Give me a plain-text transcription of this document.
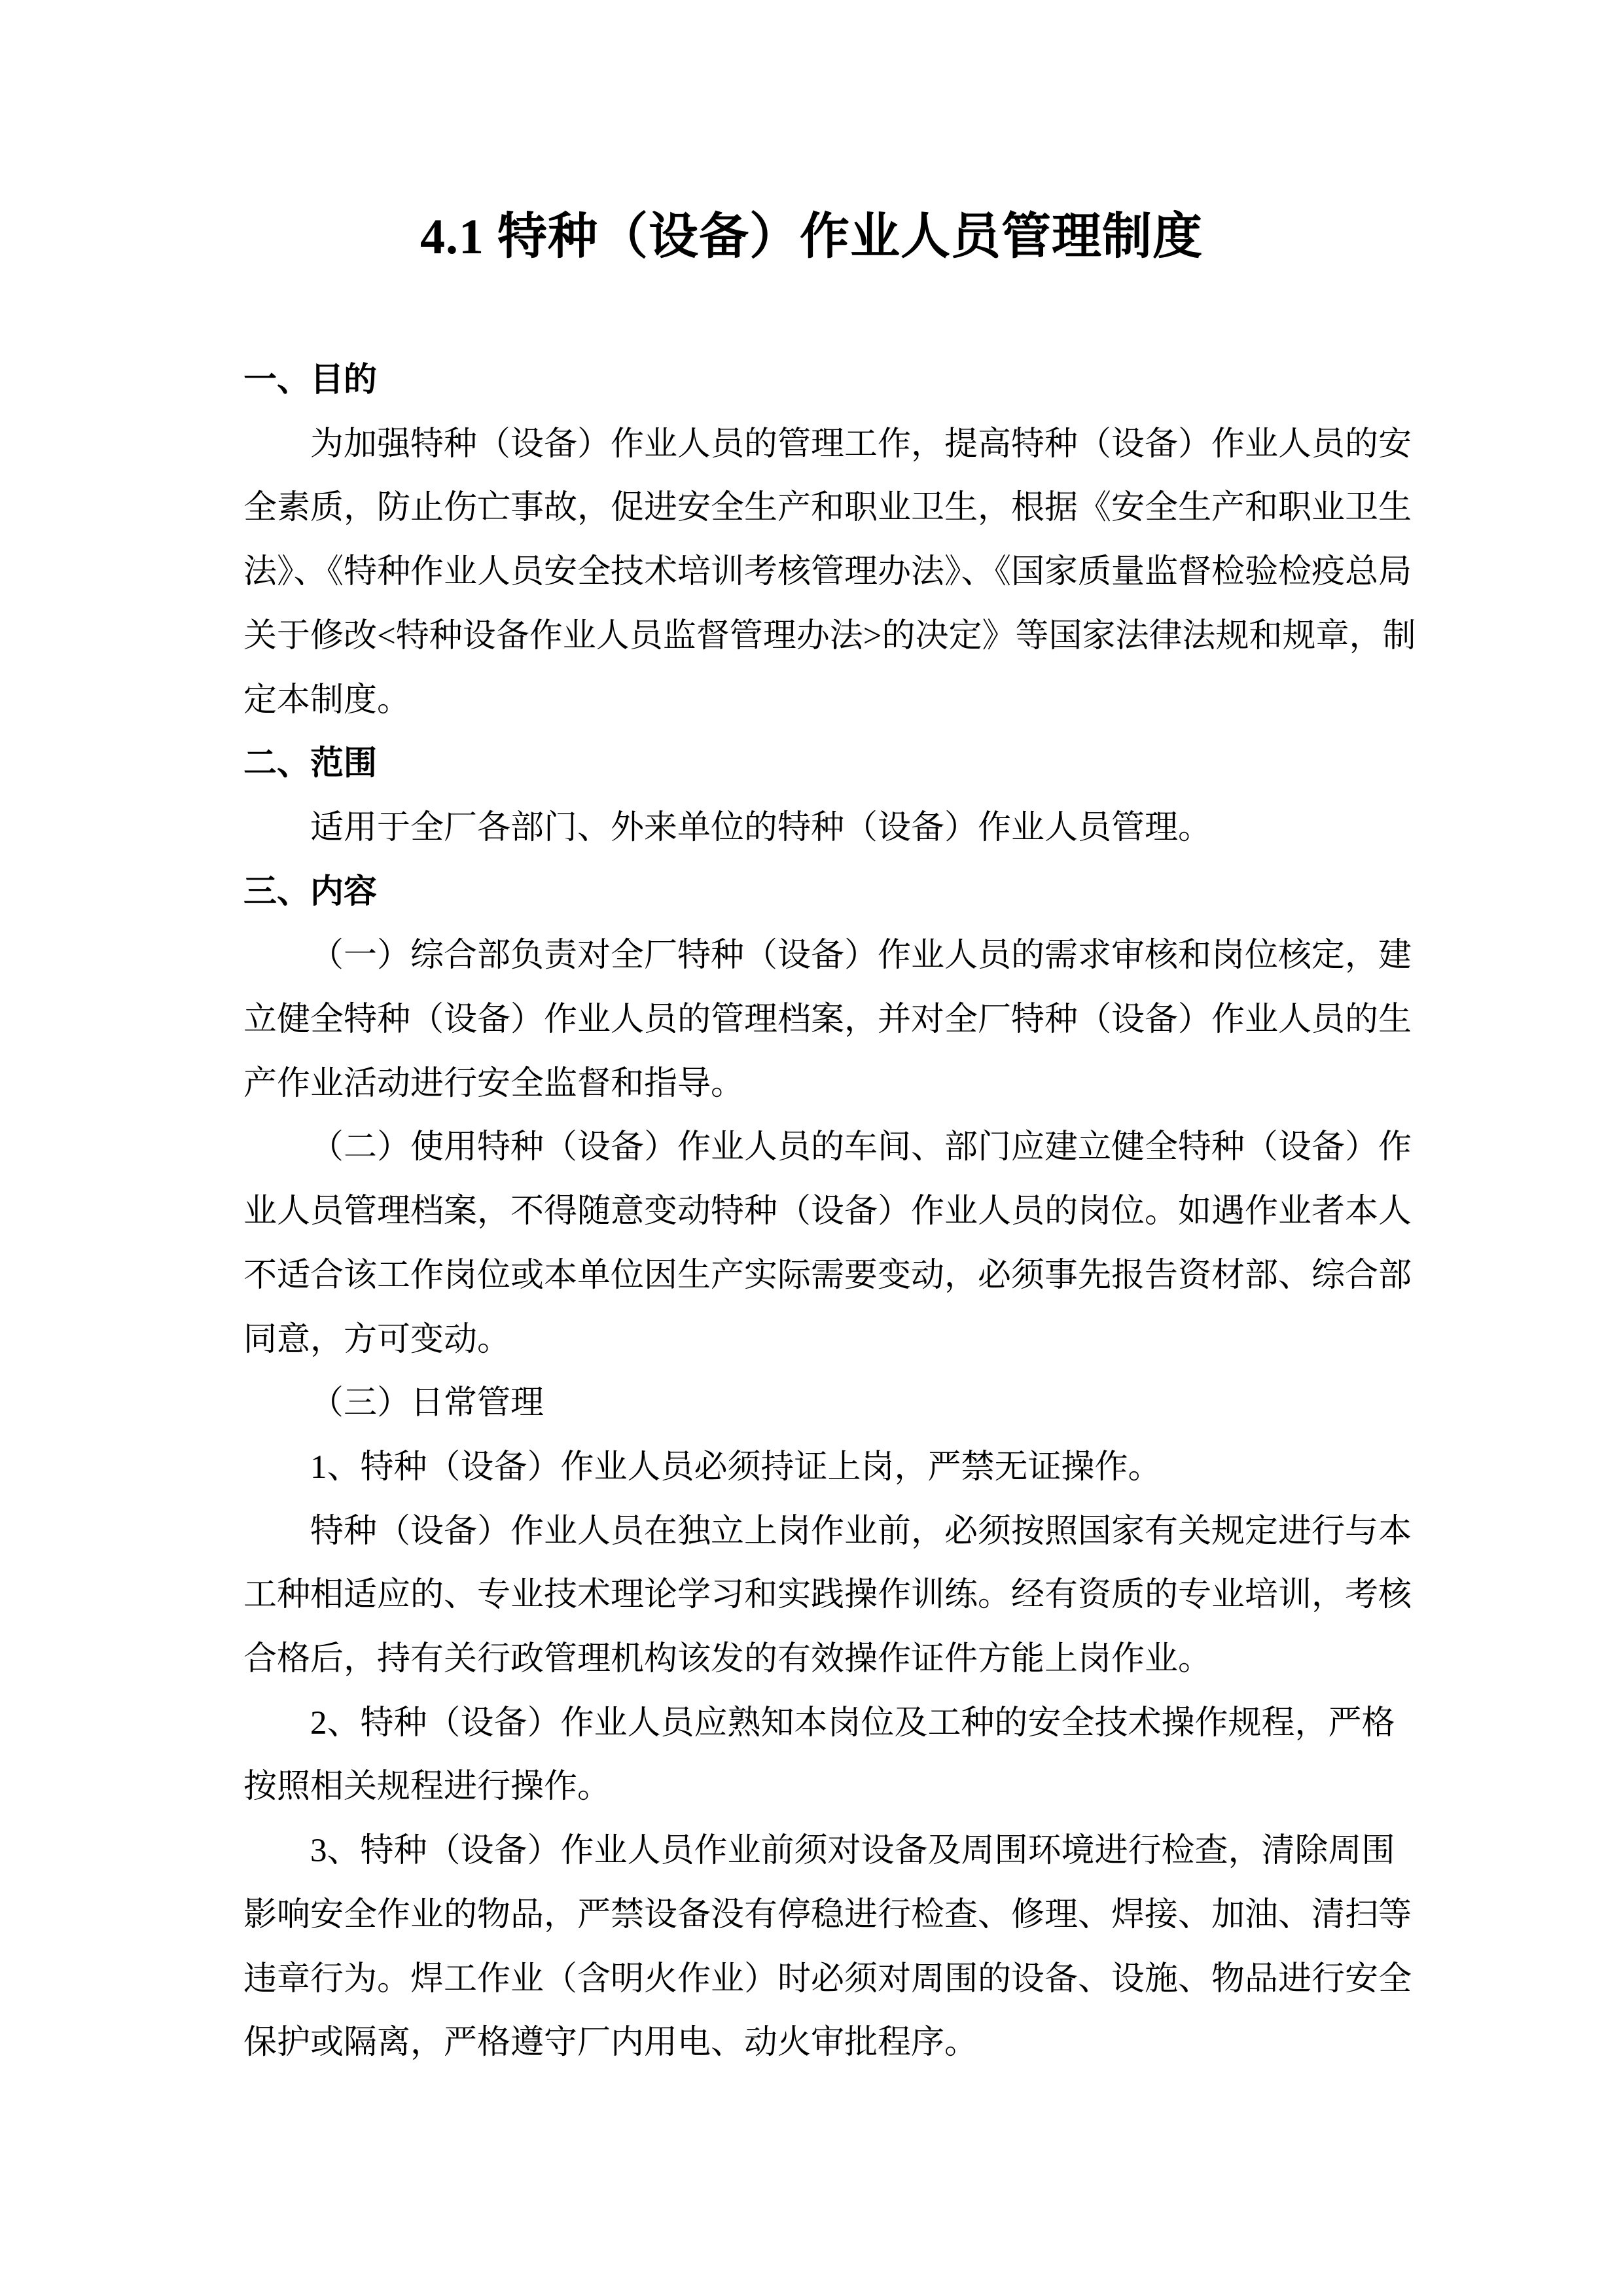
4.1 特种（设备）作业人员管理制度
一、目的
为加强特种（设备）作业人员的管理工作，提高特种（设备）作业人员的安
全素质，防止伤亡事故，促进安全生产和职业卫生，根据《安全生产和职业卫生
法》、《特种作业人员安全技术培训考核管理办法》、《国家质量监督检验检疫总局
关于修改<特种设备作业人员监督管理办法>的决定》等国家法律法规和规章，制
定本制度。
二、范围
适用于全厂各部门、外来单位的特种（设备）作业人员管理。
三、内容
（一）综合部负责对全厂特种（设备）作业人员的需求审核和岗位核定，建
立健全特种（设备）作业人员的管理档案，并对全厂特种（设备）作业人员的生
产作业活动进行安全监督和指导。
（二）使用特种（设备）作业人员的车间、部门应建立健全特种（设备）作
业人员管理档案，不得随意变动特种（设备）作业人员的岗位。如遇作业者本人
不适合该工作岗位或本单位因生产实际需要变动，必须事先报告资材部、综合部
同意，方可变动。
（三）日常管理
1、特种（设备）作业人员必须持证上岗，严禁无证操作。
特种（设备）作业人员在独立上岗作业前，必须按照国家有关规定进行与本
工种相适应的、专业技术理论学习和实践操作训练。经有资质的专业培训，考核
合格后，持有关行政管理机构该发的有效操作证件方能上岗作业。
2、特种（设备）作业人员应熟知本岗位及工种的安全技术操作规程，严格
按照相关规程进行操作。
3、特种（设备）作业人员作业前须对设备及周围环境进行检查，清除周围
影响安全作业的物品，严禁设备没有停稳进行检查、修理、焊接、加油、清扫等
违章行为。焊工作业（含明火作业）时必须对周围的设备、设施、物品进行安全
保护或隔离，严格遵守厂内用电、动火审批程序。
